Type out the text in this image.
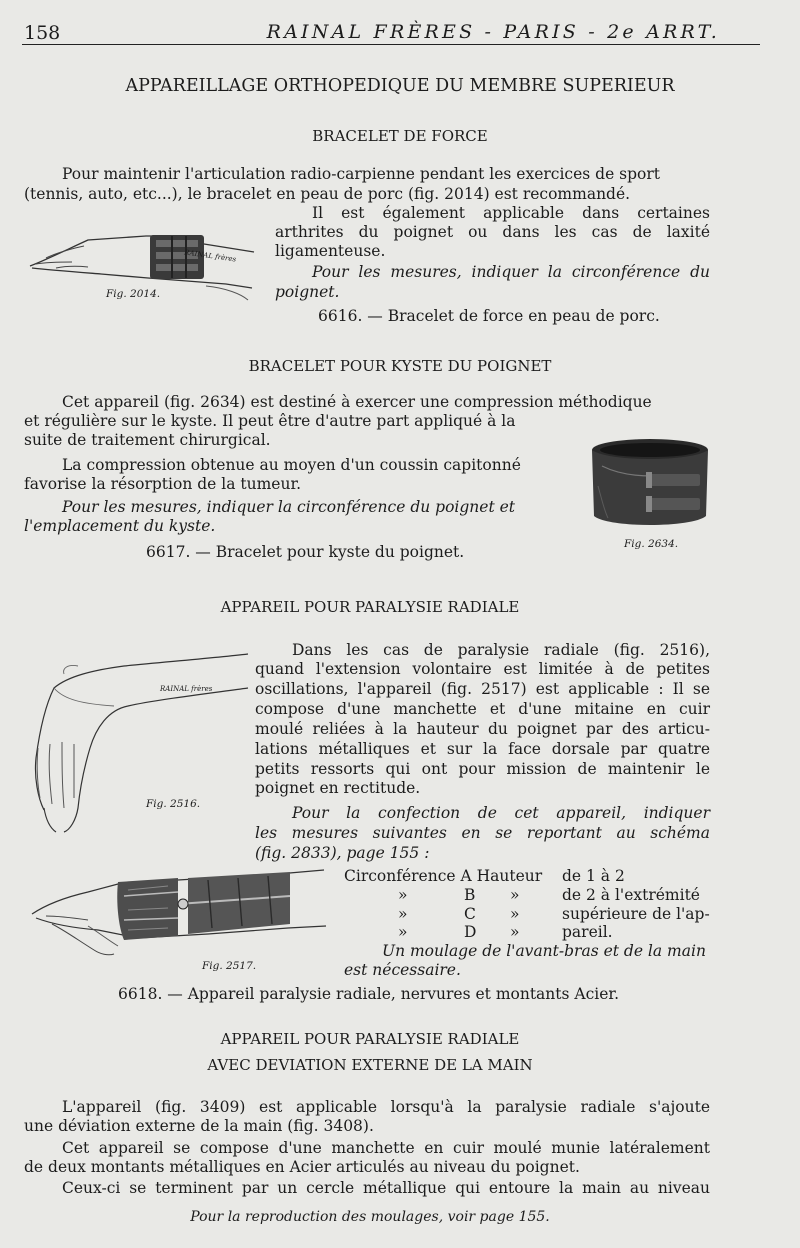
158	RAINAL FRÈRES - PARIS - 2e ARRT.
APPAREILLAGE ORTHOPEDIQUE DU MEMBRE SUPERIEUR
BRACELET DE FORCE
Pour maintenir l'articulation radio-carpienne pendant les exercices de sport
(tennis, auto, etc...), le bracelet en peau de porc (fig. 2014) est recommandé.
Il est également applicable dans certaines
arthrites du poignet ou dans les cas de laxité
ligamenteuse.
Pour les mesures, indiquer la circonférence du
poignet.
6616. — Bracelet de force en peau de porc.
RAINAL frères
Fig. 2014.
BRACELET POUR KYSTE DU POIGNET
Cet appareil (fig. 2634) est destiné à exercer une compression méthodique
et régulière sur le kyste. Il peut être d'autre part appliqué à la
suite de traitement chirurgical.
La compression obtenue au moyen d'un coussin capitonné
favorise la résorption de la tumeur.
Pour les mesures, indiquer la circonférence du poignet et
l'emplacement du kyste.
6617. — Bracelet pour kyste du poignet.	Fig. 2634.
APPAREIL POUR PARALYSIE RADIALE
Dans les cas de paralysie radiale (fig. 2516),
quand l'extension volontaire est limitée à de petites
oscillations, l'appareil (fig. 2517) est applicable : Il se
compose d'une manchette et d'une mitaine en cuir
moulé reliées à la hauteur du poignet par des articu-
lations métalliques et sur la face dorsale par quatre
petits ressorts qui ont pour mission de maintenir le
poignet en rectitude.
Pour la confection de cet appareil, indiquer
les mesures suivantes en se reportant au schéma
(fig. 2833), page 155 :
Circonférence A Hauteur de 1 à 2
»	B »	de 2 à l'extrémité
»	C »	supérieure de l'ap-
»	D »	pareil.
Un moulage de l'avant-bras et de la main
est nécessaire.
6618. — Appareil paralysie radiale, nervures et montants Acier.
RAINAL frères
Fig. 2516.
Fig. 2517.
APPAREIL POUR PARALYSIE RADIALE
AVEC DEVIATION EXTERNE DE LA MAIN
L'appareil (fig. 3409) est applicable lorsqu'à la paralysie radiale s'ajoute
une déviation externe de la main (fig. 3408).
Cet appareil se compose d'une manchette en cuir moulé munie latéralement
de deux montants métalliques en Acier articulés au niveau du poignet.
Ceux-ci se terminent par un cercle métallique qui entoure la main au niveau
Pour la reproduction des moulages, voir page 155.
